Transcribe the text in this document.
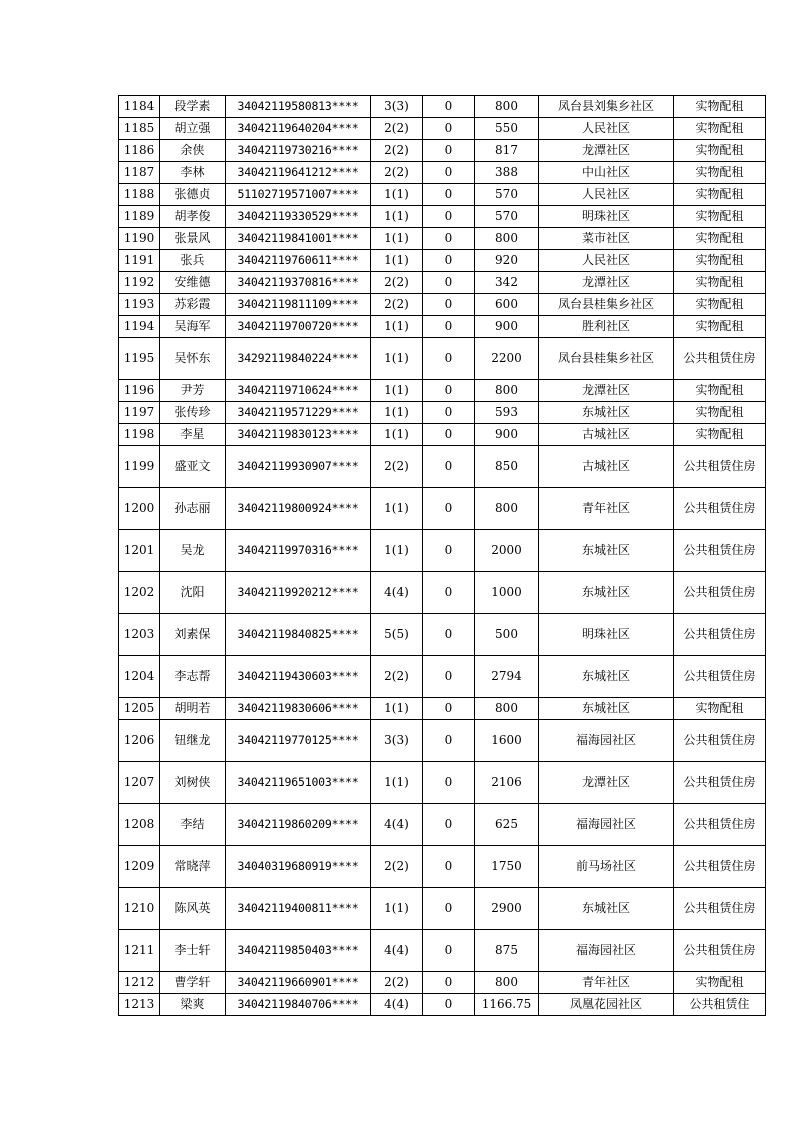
1184	段学素	34042119580813****	3(3)	0	800	凤台县刘集乡社区	实物配租
1185	胡立强	34042119640204****	2(2)	0	550	人民社区	实物配租
1186	余侠	34042119730216****	2(2)	0	817	龙潭社区	实物配租
1187	李林	34042119641212****	2(2)	0	388	中山社区	实物配租
1188	张德贞	51102719571007****	1(1)	0	570	人民社区	实物配租
1189	胡孝俊	34042119330529****	1(1)	0	570	明珠社区	实物配租
1190	张景风	34042119841001****	1(1)	0	800	菜市社区	实物配租
1191	张兵	34042119760611****	1(1)	0	920	人民社区	实物配租
1192	安维德	34042119370816****	2(2)	0	342	龙潭社区	实物配租
1193	苏彩霞	34042119811109****	2(2)	0	600	凤台县桂集乡社区	实物配租
1194	吴海军	34042119700720****	1(1)	0	900	胜利社区	实物配租
1195	吴怀东	34292119840224****	1(1)	0	2200	凤台县桂集乡社区	公共租赁住房
1196	尹芳	34042119710624****	1(1)	0	800	龙潭社区	实物配租
1197	张传珍	34042119571229****	1(1)	0	593	东城社区	实物配租
1198	李星	34042119830123****	1(1)	0	900	古城社区	实物配租
1199	盛亚文	34042119930907****	2(2)	0	850	古城社区	公共租赁住房
1200	孙志丽	34042119800924****	1(1)	0	800	青年社区	公共租赁住房
1201	吴龙	34042119970316****	1(1)	0	2000	东城社区	公共租赁住房
1202	沈阳	34042119920212****	4(4)	0	1000	东城社区	公共租赁住房
1203	刘素保	34042119840825****	5(5)	0	500	明珠社区	公共租赁住房
1204	李志帮	34042119430603****	2(2)	0	2794	东城社区	公共租赁住房
1205	胡明若	34042119830606****	1(1)	0	800	东城社区	实物配租
1206	钮继龙	34042119770125****	3(3)	0	1600	福海园社区	公共租赁住房
1207	刘树侠	34042119651003****	1(1)	0	2106	龙潭社区	公共租赁住房
1208	李结	34042119860209****	4(4)	0	625	福海园社区	公共租赁住房
1209	常晓萍	34040319680919****	2(2)	0	1750	前马场社区	公共租赁住房
1210	陈风英	34042119400811****	1(1)	0	2900	东城社区	公共租赁住房
1211	李士轩	34042119850403****	4(4)	0	875	福海园社区	公共租赁住房
1212	曹学轩	34042119660901****	2(2)	0	800	青年社区	实物配租
1213	梁爽	34042119840706****	4(4)	0	1166.75	凤凰花园社区	公共租赁住
